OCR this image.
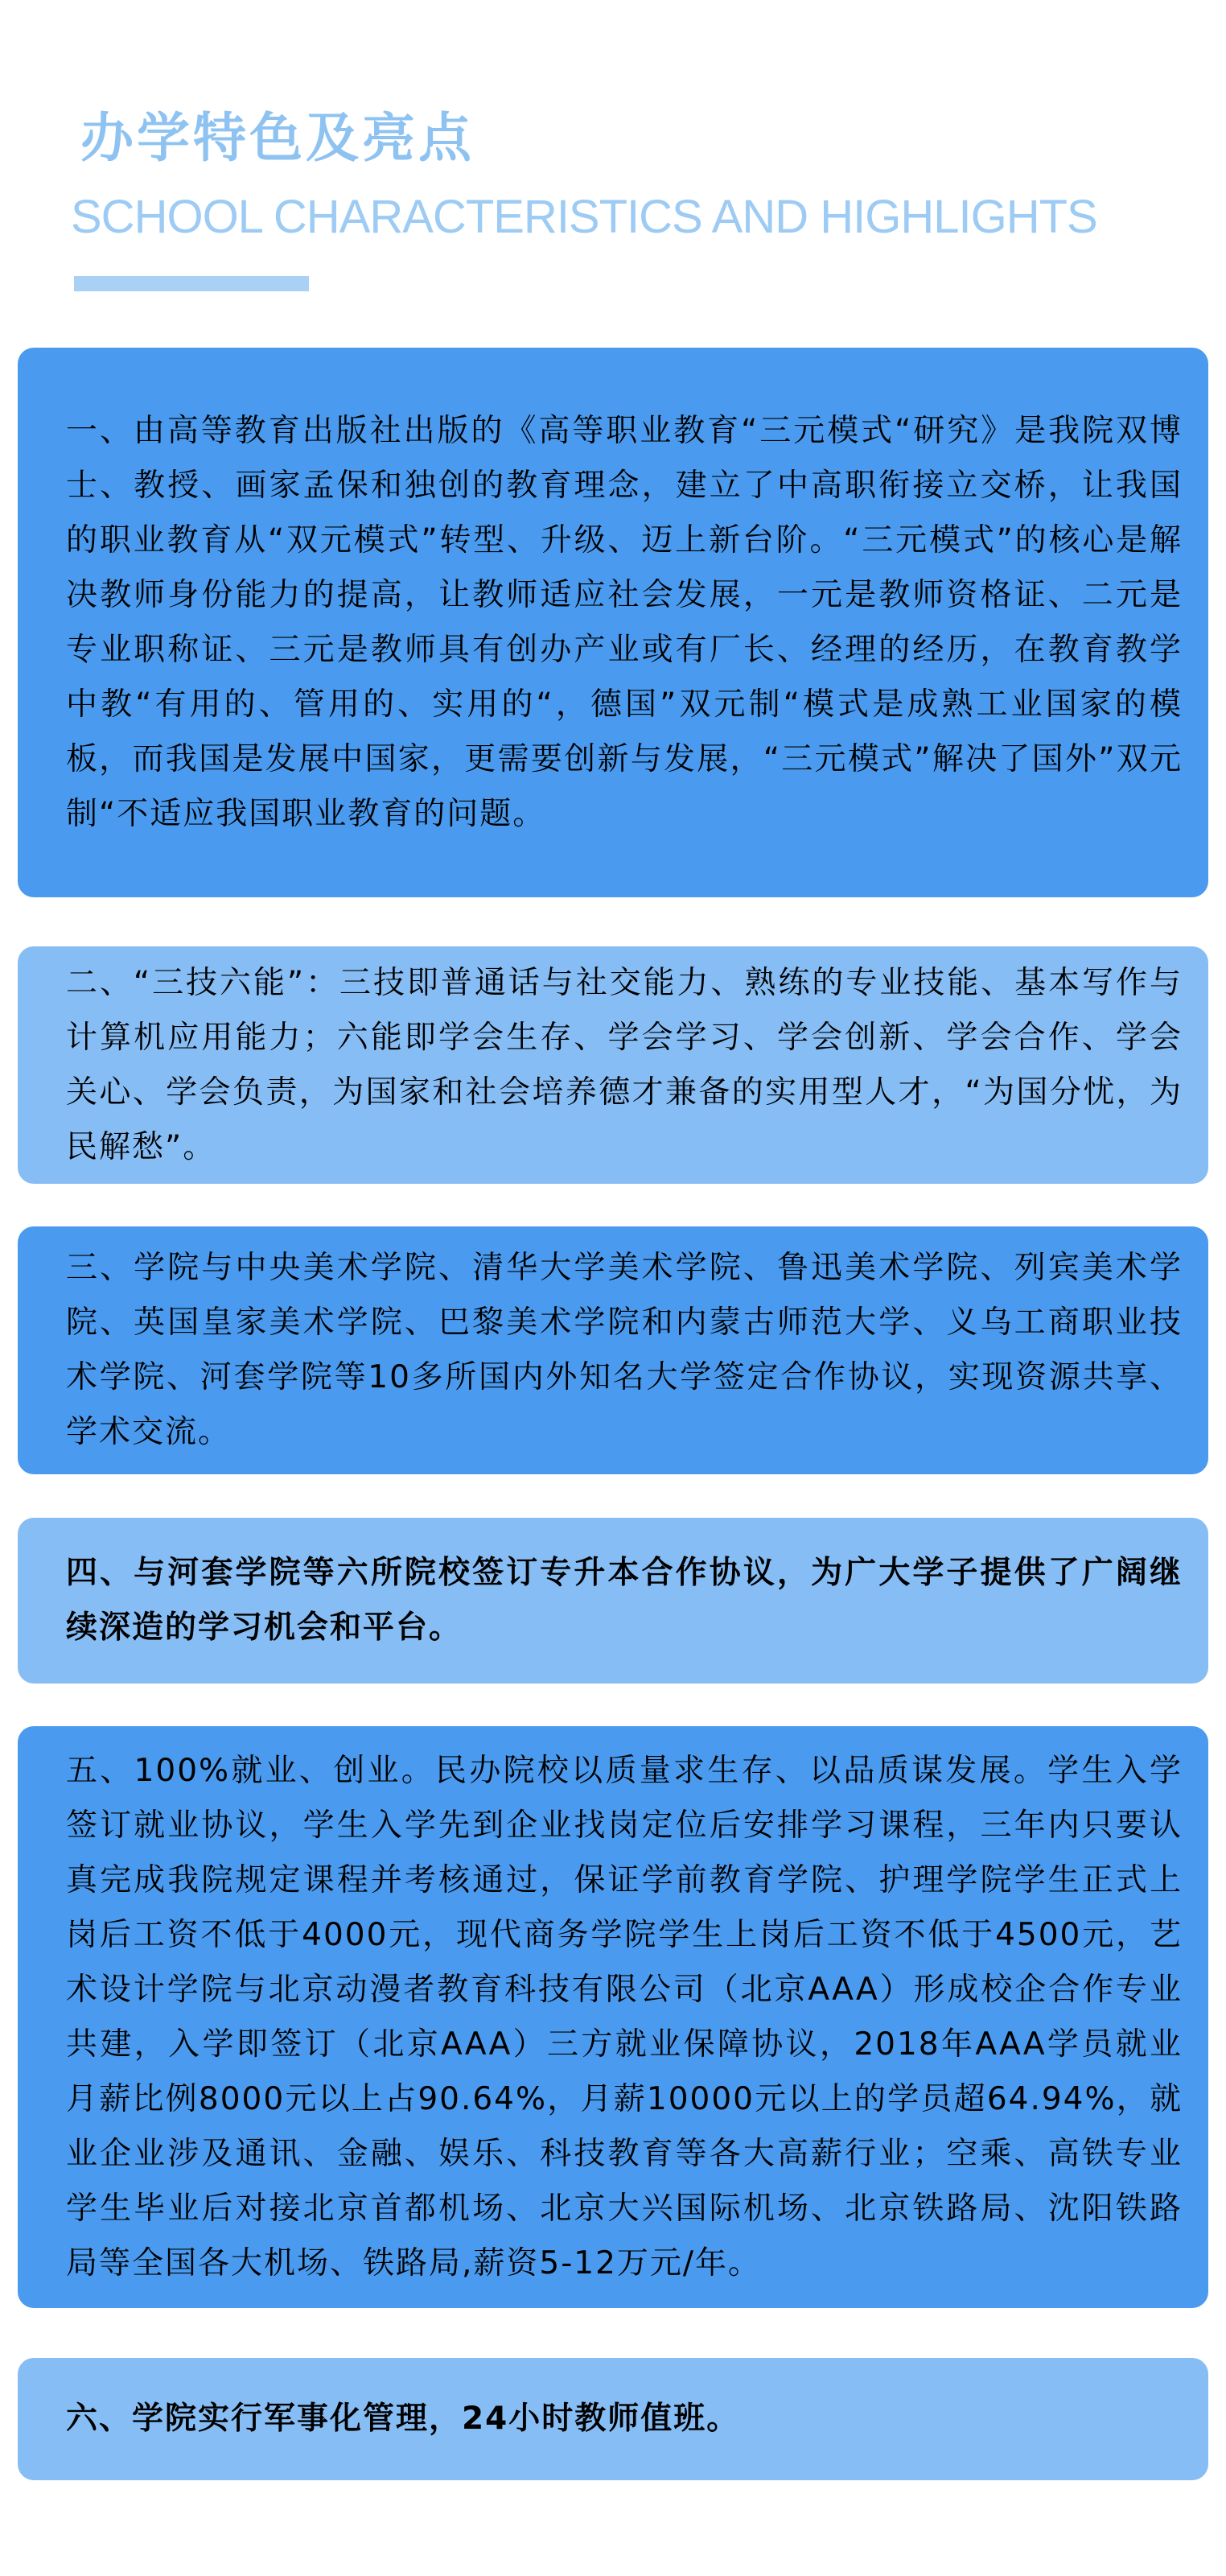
办学特色及亮点
SCHOOL CHARACTERISTICS AND HIGHLIGHTS

一、由高等教育出版社出版的《高等职业教育“三元模式“研究》是我院双博士、教授、画家孟保和独创的教育理念，建立了中高职衔接立交桥，让我国的职业教育从“双元模式”转型、升级、迈上新台阶。“三元模式”的核心是解决教师身份能力的提高，让教师适应社会发展，一元是教师资格证、二元是专业职称证、三元是教师具有创办产业或有厂长、经理的经历，在教育教学中教“有用的、管用的、实用的“，德国”双元制“模式是成熟工业国家的模板，而我国是发展中国家，更需要创新与发展，“三元模式”解决了国外”双元制“不适应我国职业教育的问题。

二、“三技六能”：三技即普通话与社交能力、熟练的专业技能、基本写作与计算机应用能力；六能即学会生存、学会学习、学会创新、学会合作、学会关心、学会负责，为国家和社会培养德才兼备的实用型人才，“为国分忧，为民解愁”。

三、学院与中央美术学院、清华大学美术学院、鲁迅美术学院、列宾美术学院、英国皇家美术学院、巴黎美术学院和内蒙古师范大学、义乌工商职业技术学院、河套学院等10多所国内外知名大学签定合作协议，实现资源共享、学术交流。

四、与河套学院等六所院校签订专升本合作协议，为广大学子提供了广阔继续深造的学习机会和平台。

五、100%就业、创业。民办院校以质量求生存、以品质谋发展。学生入学签订就业协议，学生入学先到企业找岗定位后安排学习课程，三年内只要认真完成我院规定课程并考核通过，保证学前教育学院、护理学院学生正式上岗后工资不低于4000元，现代商务学院学生上岗后工资不低于4500元，艺术设计学院与北京动漫者教育科技有限公司（北京AAA）形成校企合作专业共建，入学即签订（北京AAA）三方就业保障协议，2018年AAA学员就业月薪比例8000元以上占90.64%，月薪10000元以上的学员超64.94%，就业企业涉及通讯、金融、娱乐、科技教育等各大高薪行业；空乘、高铁专业学生毕业后对接北京首都机场、北京大兴国际机场、北京铁路局、沈阳铁路局等全国各大机场、铁路局,薪资5-12万元/年。

六、学院实行军事化管理，24小时教师值班。
